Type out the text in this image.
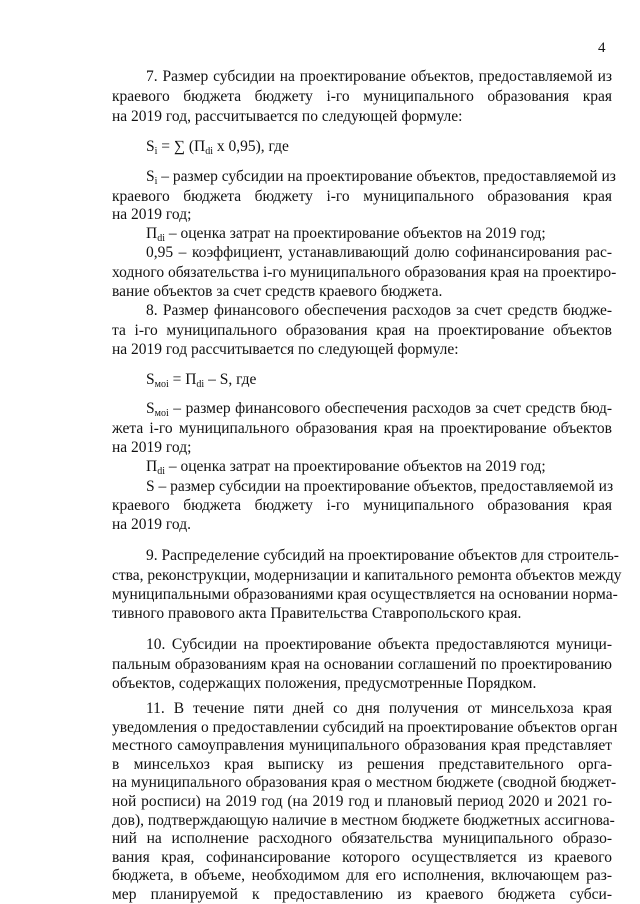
4
7. Размер субсидии на проектирование объектов, предоставляемой из
краевого бюджета бюджету i-го муниципального образования края
на 2019 год, рассчитывается по следующей формуле:
$S_i$ = ∑ ($П_{di}$ x 0,95), где
$S_i$ – размер субсидии на проектирование объектов, предоставляемой из
краевого бюджета бюджету i-го муниципального образования края
на 2019 год;
$П_{di}$ – оценка затрат на проектирование объектов на 2019 год;
0,95 – коэффициент, устанавливающий долю софинансирования рас-
ходного обязательства i-го муниципального образования края на проектиро-
вание объектов за счет средств краевого бюджета.
8. Размер финансового обеспечения расходов за счет средств бюдже-
та i-го муниципального образования края на проектирование объектов
на 2019 год рассчитывается по следующей формуле:
$S_{мoi} = П_{di} - S$, где
$S_{мoi}$ – размер финансового обеспечения расходов за счет средств бюд-
жета i-го муниципального образования края на проектирование объектов
на 2019 год;
$П_{di}$ – оценка затрат на проектирование объектов на 2019 год;
S – размер субсидии на проектирование объектов, предоставляемой из
краевого бюджета бюджету i-го муниципального образования края
на 2019 год.
9. Распределение субсидий на проектирование объектов для строитель-
ства, реконструкции, модернизации и капитального ремонта объектов между
муниципальными образованиями края осуществляется на основании норма-
тивного правового акта Правительства Ставропольского края.
10. Субсидии на проектирование объекта предоставляются муници-
пальным образованиям края на основании соглашений по проектированию
объектов, содержащих положения, предусмотренные Порядком.
11. В течение пяти дней со дня получения от минсельхоза края
уведомления о предоставлении субсидий на проектирование объектов орган
местного самоуправления муниципального образования края представляет
в минсельхоз края выписку из решения представительного орга-
на муниципального образования края о местном бюджете (сводной бюджет-
ной росписи) на 2019 год (на 2019 год и плановый период 2020 и 2021 го-
дов), подтверждающую наличие в местном бюджете бюджетных ассигнова-
ний на исполнение расходного обязательства муниципального образо-
вания края, софинансирование которого осуществляется из краевого
бюджета, в объеме, необходимом для его исполнения, включающем раз-
мер планируемой к предоставлению из краевого бюджета субси-
